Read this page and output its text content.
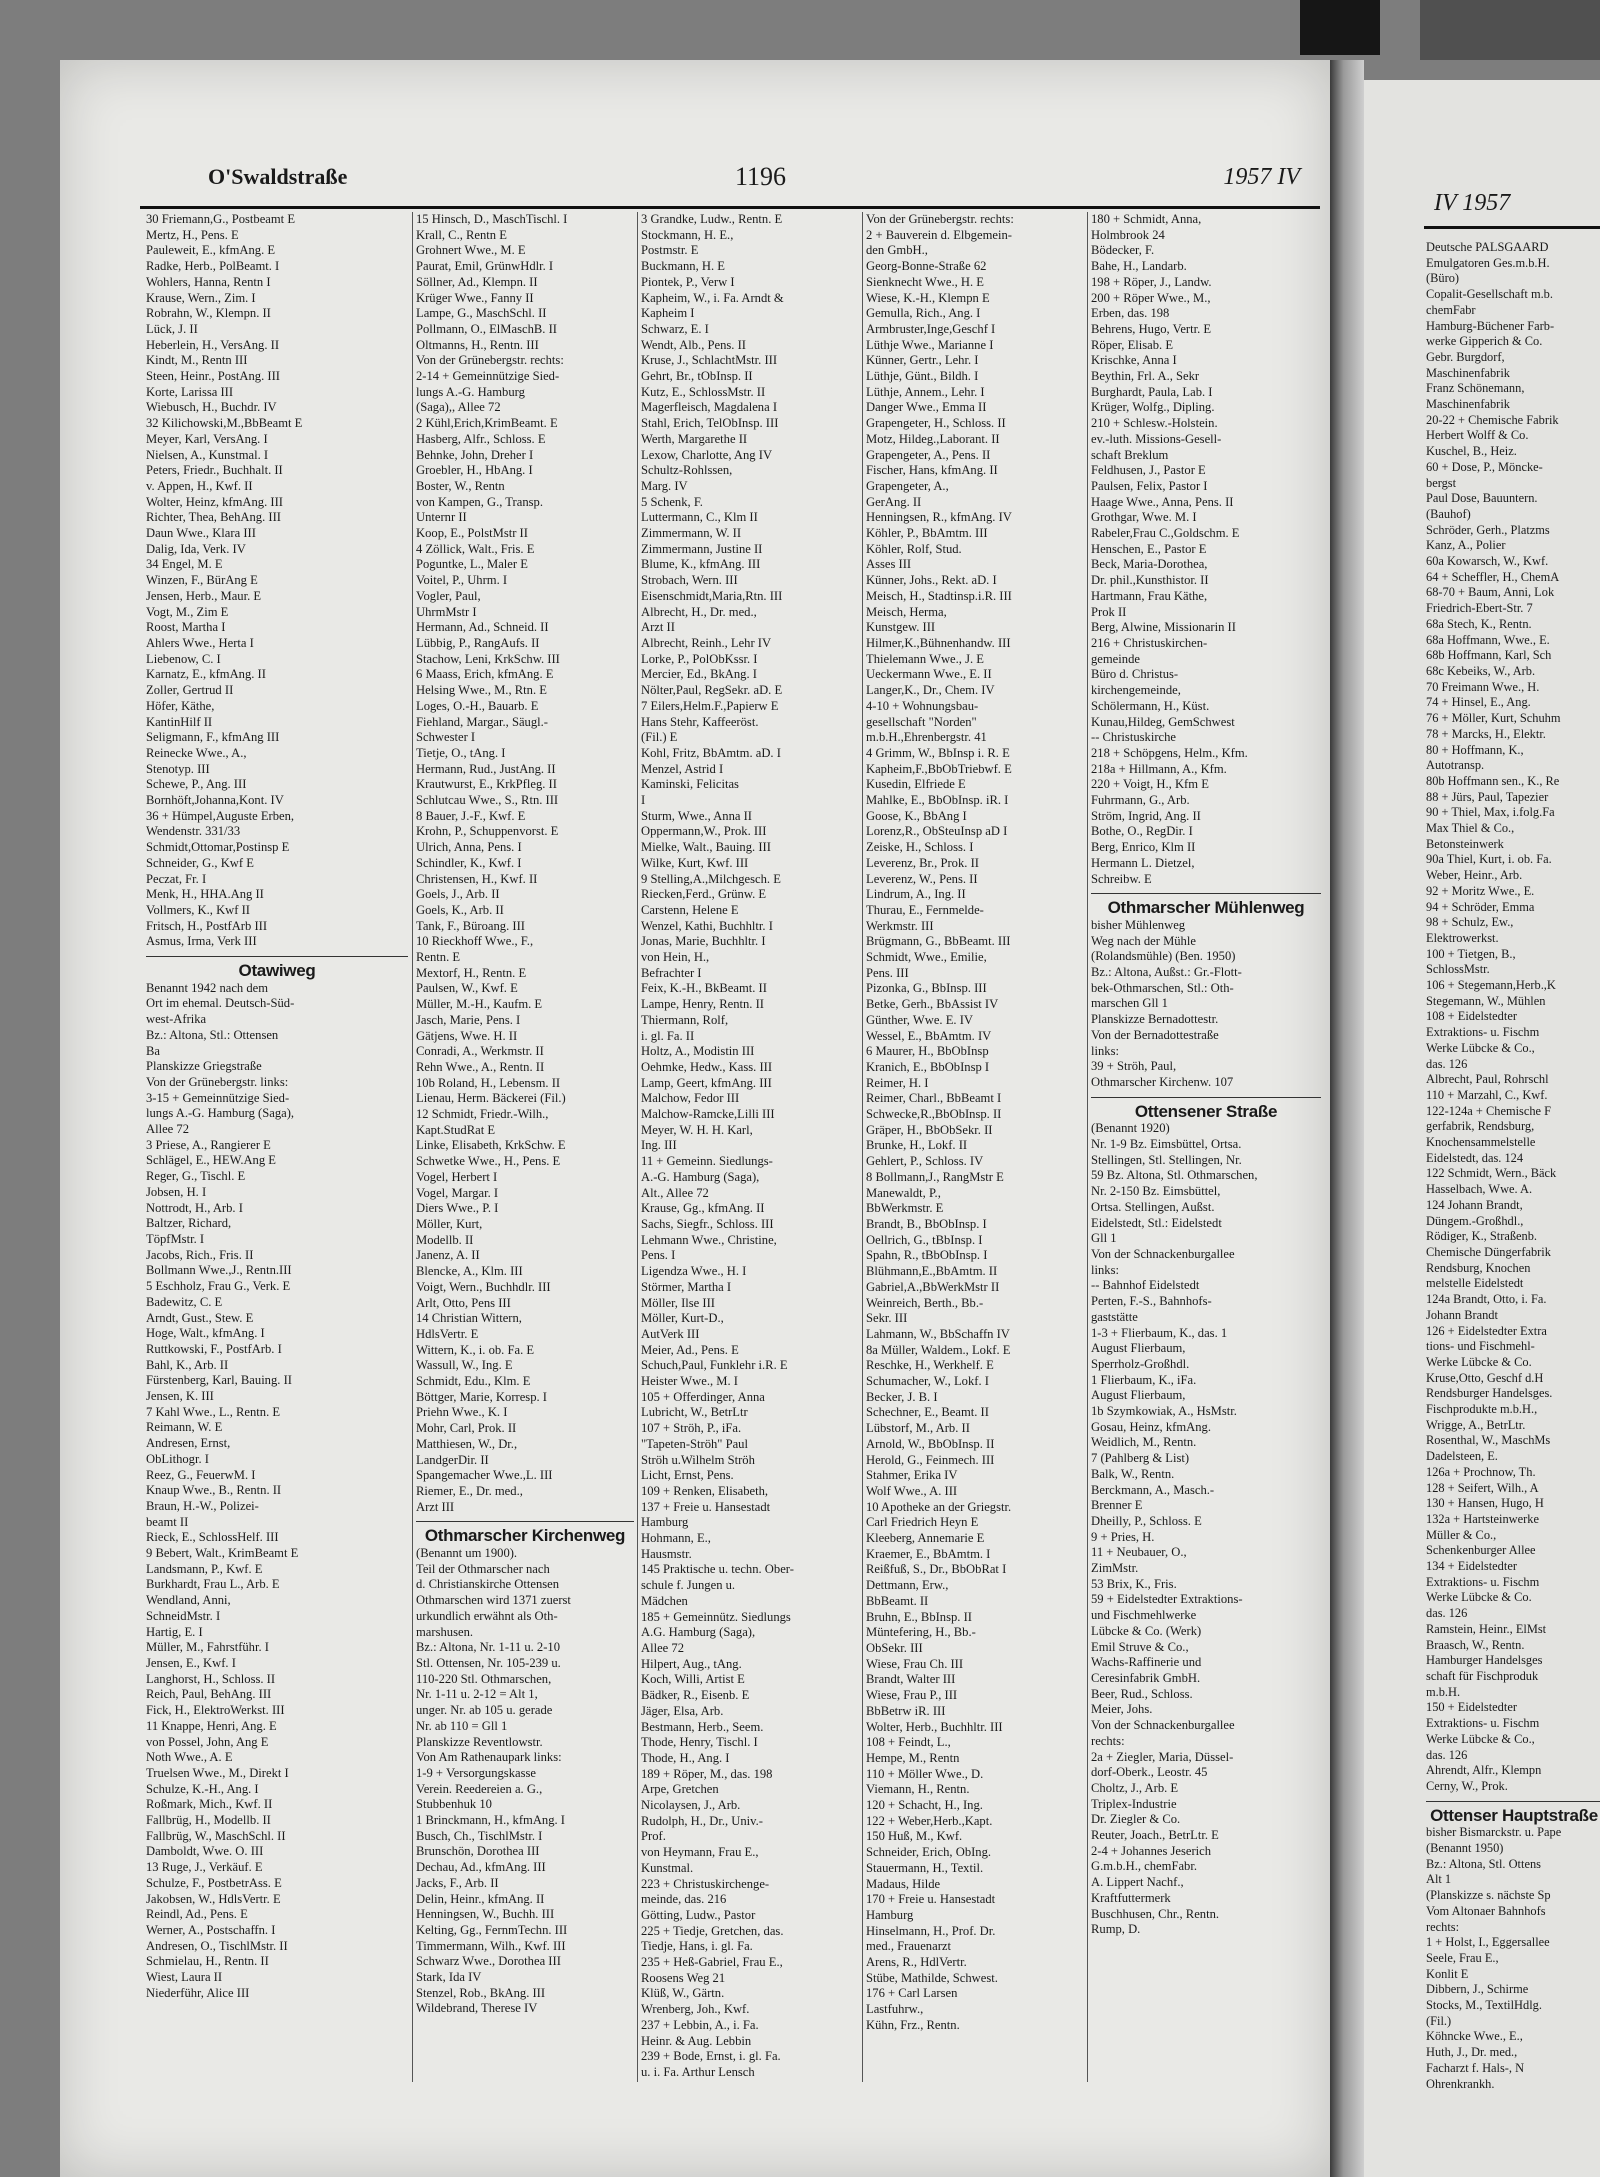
IV 1957
Deutsche PALSGAARD
Emulgatoren Ges.m.b.H.
(Büro)
Copalit-Gesellschaft m.b.
chemFabr
Hamburg-Büchener Farb-
werke Gipperich & Co.
Gebr. Burgdorf,
Maschinenfabrik
Franz Schönemann,
Maschinenfabrik
20-22 + Chemische Fabrik
Herbert Wolff & Co.
Kuschel, B., Heiz.
60 + Dose, P., Möncke-
bergst
Paul Dose, Bauuntern.
(Bauhof)
Schröder, Gerh., Platzms
Kanz, A., Polier
60a Kowarsch, W., Kwf.
64 + Scheffler, H., ChemA
68-70 + Baum, Anni, Lok
Friedrich-Ebert-Str. 7
68a Stech, K., Rentn.
68a Hoffmann, Wwe., E.
68b Hoffmann, Karl, Sch
68c Kebeiks, W., Arb.
70 Freimann Wwe., H.
74 + Hinsel, E., Ang.
76 + Möller, Kurt, Schuhm
78 + Marcks, H., Elektr.
80 + Hoffmann, K.,
Autotransp.
80b Hoffmann sen., K., Re
88 + Jürs, Paul, Tapezier
90 + Thiel, Max, i.folg.Fa
Max Thiel & Co.,
Betonsteinwerk
90a Thiel, Kurt, i. ob. Fa.
Weber, Heinr., Arb.
92 + Moritz Wwe., E.
94 + Schröder, Emma
98 + Schulz, Ew.,
Elektrowerkst.
100 + Tietgen, B.,
SchlossMstr.
106 + Stegemann,Herb.,K
Stegemann, W., Mühlen
108 + Eidelstedter
Extraktions- u. Fischm
Werke Lübcke & Co.,
das. 126
Albrecht, Paul, Rohrschl
110 + Marzahl, C., Kwf.
122-124a + Chemische F
gerfabrik, Rendsburg,
Knochensammelstelle
Eidelstedt, das. 124
122 Schmidt, Wern., Bäck
Hasselbach, Wwe. A.
124 Johann Brandt,
Düngem.-Großhdl.,
Rödiger, K., Straßenb.
Chemische Düngerfabrik
Rendsburg, Knochen
melstelle Eidelstedt
124a Brandt, Otto, i. Fa.
Johann Brandt
126 + Eidelstedter Extra
tions- und Fischmehl-
Werke Lübcke & Co.
Kruse,Otto, Geschf d.H
Rendsburger Handelsges.
Fischprodukte m.b.H.,
Wrigge, A., BetrLtr.
Rosenthal, W., MaschMs
Dadelsteen, E.
126a + Prochnow, Th.
128 + Seifert, Wilh., A
130 + Hansen, Hugo, H
132a + Hartsteinwerke
Müller & Co.,
Schenkenburger Allee
134 + Eidelstedter
Extraktions- u. Fischm
Werke Lübcke & Co.
das. 126
Ramstein, Heinr., ElMst
Braasch, W., Rentn.
Hamburger Handelsges
schaft für Fischproduk
m.b.H.
150 + Eidelstedter
Extraktions- u. Fischm
Werke Lübcke & Co.,
das. 126
Ahrendt, Alfr., Klempn
Cerny, W., Prok.
Ottenser Hauptstraße
bisher Bismarckstr. u. Pape
(Benannt 1950)
Bz.: Altona, Stl. Ottens
Alt 1
(Planskizze s. nächste Sp
Vom Altonaer Bahnhofs
rechts:
1 + Holst, I., Eggersallee
Seele, Frau E.,
Konlit E
Dibbern, J., Schirme
Stocks, M., TextilHdlg.
(Fil.)
Köhncke Wwe., E.,
Huth, J., Dr. med.,
Facharzt f. Hals-, N
Ohrenkrankh.
O'Swaldstraße	1196	1957 IV
30 Friemann,G., Postbeamt E
Mertz, H., Pens. E
Pauleweit, E., kfmAng. E
Radke, Herb., PolBeamt. I
Wohlers, Hanna, Rentn I
Krause, Wern., Zim. I
Robrahn, W., Klempn. II
Lück, J. II
Heberlein, H., VersAng. II
Kindt, M., Rentn III
Steen, Heinr., PostAng. III
Korte, Larissa III
Wiebusch, H., Buchdr. IV
32 Kilichowski,M.,BbBeamt E
Meyer, Karl, VersAng. I
Nielsen, A., Kunstmal. I
Peters, Friedr., Buchhalt. II
v. Appen, H., Kwf. II
Wolter, Heinz, kfmAng. III
Richter, Thea, BehAng. III
Daun Wwe., Klara III
Dalig, Ida, Verk. IV
34 Engel, M. E
Winzen, F., BürAng E
Jensen, Herb., Maur. E
Vogt, M., Zim E
Roost, Martha I
Ahlers Wwe., Herta I
Liebenow, C. I
Karnatz, E., kfmAng. II
Zoller, Gertrud II
Höfer, Käthe,
KantinHilf II
Seligmann, F., kfmAng III
Reinecke Wwe., A.,
Stenotyp. III
Schewe, P., Ang. III
Bornhöft,Johanna,Kont. IV
36 + Hümpel,Auguste Erben,
Wendenstr. 331/33
Schmidt,Ottomar,Postinsp E
Schneider, G., Kwf E
Peczat, Fr. I
Menk, H., HHA.Ang II
Vollmers, K., Kwf II
Fritsch, H., PostfArb III
Asmus, Irma, Verk III
Otawiweg
Benannt 1942 nach dem
Ort im ehemal. Deutsch-Süd-
west-Afrika
Bz.: Altona, Stl.: Ottensen
Ba
Planskizze Griegstraße
Von der Grünebergstr. links:
3-15 + Gemeinnützige Sied-
lungs A.-G. Hamburg (Saga),
Allee 72
3 Priese, A., Rangierer E
Schlägel, E., HEW.Ang E
Reger, G., Tischl. E
Jobsen, H. I
Nottrodt, H., Arb. I
Baltzer, Richard,
TöpfMstr. I
Jacobs, Rich., Fris. II
Bollmann Wwe.,J., Rentn.III
5 Eschholz, Frau G., Verk. E
Badewitz, C. E
Arndt, Gust., Stew. E
Hoge, Walt., kfmAng. I
Ruttkowski, F., PostfArb. I
Bahl, K., Arb. II
Fürstenberg, Karl, Bauing. II
Jensen, K. III
7 Kahl Wwe., L., Rentn. E
Reimann, W. E
Andresen, Ernst,
ObLithogr. I
Reez, G., FeuerwM. I
Knaup Wwe., B., Rentn. II
Braun, H.-W., Polizei-
beamt II
Rieck, E., SchlossHelf. III
9 Bebert, Walt., KrimBeamt E
Landsmann, P., Kwf. E
Burkhardt, Frau L., Arb. E
Wendland, Anni,
SchneidMstr. I
Hartig, E. I
Müller, M., Fahrstführ. I
Jensen, E., Kwf. I
Langhorst, H., Schloss. II
Reich, Paul, BehAng. III
Fick, H., ElektroWerkst. III
11 Knappe, Henri, Ang. E
von Possel, John, Ang E
Noth Wwe., A. E
Truelsen Wwe., M., Direkt I
Schulze, K.-H., Ang. I
Roßmark, Mich., Kwf. II
Fallbrüg, H., Modellb. II
Fallbrüg, W., MaschSchl. II
Damboldt, Wwe. O. III
13 Ruge, J., Verkäuf. E
Schulze, F., PostbetrAss. E
Jakobsen, W., HdlsVertr. E
Reindl, Ad., Pens. E
Werner, A., Postschaffn. I
Andresen, O., TischlMstr. II
Schmielau, H., Rentn. II
Wiest, Laura II
Niederführ, Alice III
15 Hinsch, D., MaschTischl. I
Krall, C., Rentn E
Grohnert Wwe., M. E
Paurat, Emil, GrünwHdlr. I
Söllner, Ad., Klempn. II
Krüger Wwe., Fanny II
Lampe, G., MaschSchl. II
Pollmann, O., ElMaschB. II
Oltmanns, H., Rentn. III
Von der Grünebergstr. rechts:
2-14 + Gemeinnützige Sied-
lungs A.-G. Hamburg
(Saga),, Allee 72
2 Kühl,Erich,KrimBeamt. E
Hasberg, Alfr., Schloss. E
Behnke, John, Dreher I
Groebler, H., HbAng. I
Boster, W., Rentn
von Kampen, G., Transp.
Unternr II
Koop, E., PolstMstr II
4 Zöllick, Walt., Fris. E
Poguntke, L., Maler E
Voitel, P., Uhrm. I
Vogler, Paul,
UhrmMstr I
Hermann, Ad., Schneid. II
Lübbig, P., RangAufs. II
Stachow, Leni, KrkSchw. III
6 Maass, Erich, kfmAng. E
Helsing Wwe., M., Rtn. E
Loges, O.-H., Bauarb. E
Fiehland, Margar., Säugl.-
Schwester I
Tietje, O., tAng. I
Hermann, Rud., JustAng. II
Krautwurst, E., KrkPfleg. II
Schlutcau Wwe., S., Rtn. III
8 Bauer, J.-F., Kwf. E
Krohn, P., Schuppenvorst. E
Ulrich, Anna, Pens. I
Schindler, K., Kwf. I
Christensen, H., Kwf. II
Goels, J., Arb. II
Goels, K., Arb. II
Tank, F., Büroang. III
10 Rieckhoff Wwe., F.,
Rentn. E
Mextorf, H., Rentn. E
Paulsen, W., Kwf. E
Müller, M.-H., Kaufm. E
Jasch, Marie, Pens. I
Gätjens, Wwe. H. II
Conradi, A., Werkmstr. II
Rehn Wwe., A., Rentn. II
10b Roland, H., Lebensm. II
Lienau, Herm. Bäckerei (Fil.)
12 Schmidt, Friedr.-Wilh.,
Kapt.StudRat E
Linke, Elisabeth, KrkSchw. E
Schwetke Wwe., H., Pens. E
Vogel, Herbert I
Vogel, Margar. I
Diers Wwe., P. I
Möller, Kurt,
Modellb. II
Janenz, A. II
Blencke, A., Klm. III
Voigt, Wern., Buchhdlr. III
Arlt, Otto, Pens III
14 Christian Wittern,
HdlsVertr. E
Wittern, K., i. ob. Fa. E
Wassull, W., Ing. E
Schmidt, Edu., Klm. E
Böttger, Marie, Korresp. I
Priehn Wwe., K. I
Mohr, Carl, Prok. II
Matthiesen, W., Dr.,
LandgerDir. II
Spangemacher Wwe.,L. III
Riemer, E., Dr. med.,
Arzt III
Othmarscher Kirchenweg
(Benannt um 1900).
Teil der Othmarscher nach
d. Christianskirche Ottensen
Othmarschen wird 1371 zuerst
urkundlich erwähnt als Oth-
marshusen.
Bz.: Altona, Nr. 1-11 u. 2-10
Stl. Ottensen, Nr. 105-239 u.
110-220 Stl. Othmarschen,
Nr. 1-11 u. 2-12 = Alt 1,
unger. Nr. ab 105 u. gerade
Nr. ab 110 = Gll 1
Planskizze Reventlowstr.
Von Am Rathenaupark links:
1-9 + Versorgungskasse
Verein. Reedereien a. G.,
Stubbenhuk 10
1 Brinckmann, H., kfmAng. I
Busch, Ch., TischlMstr. I
Brunschön, Dorothea III
Dechau, Ad., kfmAng. III
Jacks, F., Arb. II
Delin, Heinr., kfmAng. II
Henningsen, W., Buchh. III
Kelting, Gg., FernmTechn. III
Timmermann, Wilh., Kwf. III
Schwarz Wwe., Dorothea III
Stark, Ida IV
Stenzel, Rob., BkAng. III
Wildebrand, Therese IV
3 Grandke, Ludw., Rentn. E
Stockmann, H. E.,
Postmstr. E
Buckmann, H. E
Piontek, P., Verw I
Kapheim, W., i. Fa. Arndt &
Kapheim I
Schwarz, E. I
Wendt, Alb., Pens. II
Kruse, J., SchlachtMstr. III
Gehrt, Br., tObInsp. II
Kutz, E., SchlossMstr. II
Magerfleisch, Magdalena I
Stahl, Erich, TelObInsp. III
Werth, Margarethe II
Lexow, Charlotte, Ang IV
Schultz-Rohlssen,
Marg. IV
5 Schenk, F.
Luttermann, C., Klm II
Zimmermann, W. II
Zimmermann, Justine II
Blume, K., kfmAng. III
Strobach, Wern. III
Eisenschmidt,Maria,Rtn. III
Albrecht, H., Dr. med.,
Arzt II
Albrecht, Reinh., Lehr IV
Lorke, P., PolObKssr. I
Mercier, Ed., BkAng. I
Nölter,Paul, RegSekr. aD. E
7 Eilers,Helm.F.,Papierw E
Hans Stehr, Kaffeeröst.
(Fil.) E
Kohl, Fritz, BbAmtm. aD. I
Menzel, Astrid I
Kaminski, Felicitas
I
Sturm, Wwe., Anna II
Oppermann,W., Prok. III
Mielke, Walt., Bauing. III
Wilke, Kurt, Kwf. III
9 Stelling,A.,Milchgesch. E
Riecken,Ferd., Grünw. E
Carstenn, Helene E
Wenzel, Kathi, Buchhltr. I
Jonas, Marie, Buchhltr. I
von Hein, H.,
Befrachter I
Feix, K.-H., BkBeamt. II
Lampe, Henry, Rentn. II
Thiermann, Rolf,
i. gl. Fa. II
Holtz, A., Modistin III
Oehmke, Hedw., Kass. III
Lamp, Geert, kfmAng. III
Malchow, Fedor III
Malchow-Ramcke,Lilli III
Meyer, W. H. H. Karl,
Ing. III
11 + Gemeinn. Siedlungs-
A.-G. Hamburg (Saga),
Alt., Allee 72
Krause, Gg., kfmAng. II
Sachs, Siegfr., Schloss. III
Lehmann Wwe., Christine,
Pens. I
Ligendza Wwe., H. I
Störmer, Martha I
Möller, Ilse III
Möller, Kurt-D.,
AutVerk III
Meier, Ad., Pens. E
Schuch,Paul, Funklehr i.R. E
Heister Wwe., M. I
105 + Offerdinger, Anna
Lubricht, W., BetrLtr
107 + Ströh, P., iFa.
"Tapeten-Ströh" Paul
Ströh u.Wilhelm Ströh
Licht, Ernst, Pens.
109 + Renken, Elisabeth,
137 + Freie u. Hansestadt
Hamburg
Hohmann, E.,
Hausmstr.
145 Praktische u. techn. Ober-
schule f. Jungen u.
Mädchen
185 + Gemeinnütz. Siedlungs
A.G. Hamburg (Saga),
Allee 72
Hilpert, Aug., tAng.
Koch, Willi, Artist E
Bädker, R., Eisenb. E
Jäger, Elsa, Arb.
Bestmann, Herb., Seem.
Thode, Henry, Tischl. I
Thode, H., Ang. I
189 + Röper, M., das. 198
Arpe, Gretchen
Nicolaysen, J., Arb.
Rudolph, H., Dr., Univ.-
Prof.
von Heymann, Frau E.,
Kunstmal.
223 + Christuskirchenge-
meinde, das. 216
Götting, Ludw., Pastor
225 + Tiedje, Gretchen, das.
Tiedje, Hans, i. gl. Fa.
235 + Heß-Gabriel, Frau E.,
Roosens Weg 21
Klüß, W., Gärtn.
Wrenberg, Joh., Kwf.
237 + Lebbin, A., i. Fa.
Heinr. & Aug. Lebbin
239 + Bode, Ernst, i. gl. Fa.
u. i. Fa. Arthur Lensch
Von der Grünebergstr. rechts:
2 + Bauverein d. Elbgemein-
den GmbH.,
Georg-Bonne-Straße 62
Sienknecht Wwe., H. E
Wiese, K.-H., Klempn E
Gemulla, Rich., Ang. I
Armbruster,Inge,Geschf I
Lüthje Wwe., Marianne I
Künner, Gertr., Lehr. I
Lüthje, Günt., Bildh. I
Lüthje, Annem., Lehr. I
Danger Wwe., Emma II
Grapengeter, H., Schloss. II
Motz, Hildeg.,Laborant. II
Grapengeter, A., Pens. II
Fischer, Hans, kfmAng. II
Grapengeter, A.,
GerAng. II
Henningsen, R., kfmAng. IV
Köhler, P., BbAmtm. III
Köhler, Rolf, Stud.
Asses III
Künner, Johs., Rekt. aD. I
Meisch, H., Stadtinsp.i.R. III
Meisch, Herma,
Kunstgew. III
Hilmer,K.,Bühnenhandw. III
Thielemann Wwe., J. E
Ueckermann Wwe., E. II
Langer,K., Dr., Chem. IV
4-10 + Wohnungsbau-
gesellschaft "Norden"
m.b.H.,Ehrenbergstr. 41
4 Grimm, W., BbInsp i. R. E
Kapheim,F.,BbObTriebwf. E
Kusedin, Elfriede E
Mahlke, E., BbObInsp. iR. I
Goose, K., BbAng I
Lorenz,R., ObSteuInsp aD I
Zeiske, H., Schloss. I
Leverenz, Br., Prok. II
Leverenz, W., Pens. II
Lindrum, A., Ing. II
Thurau, E., Fernmelde-
Werkmstr. III
Brügmann, G., BbBeamt. III
Schmidt, Wwe., Emilie,
Pens. III
Pizonka, G., BbInsp. III
Betke, Gerh., BbAssist IV
Günther, Wwe. E. IV
Wessel, E., BbAmtm. IV
6 Maurer, H., BbObInsp
Kranich, E., BbObInsp I
Reimer, H. I
Reimer, Charl., BbBeamt I
Schwecke,R.,BbObInsp. II
Gräper, H., BbObSekr. II
Brunke, H., Lokf. II
Gehlert, P., Schloss. IV
8 Bollmann,J., RangMstr E
Manewaldt, P.,
BbWerkmstr. E
Brandt, B., BbObInsp. I
Oellrich, G., tBbInsp. I
Spahn, R., tBbObInsp. I
Blühmann,E.,BbAmtm. II
Gabriel,A.,BbWerkMstr II
Weinreich, Berth., Bb.-
Sekr. III
Lahmann, W., BbSchaffn IV
8a Müller, Waldem., Lokf. E
Reschke, H., Werkhelf. E
Schumacher, W., Lokf. I
Becker, J. B. I
Schechner, E., Beamt. II
Lübstorf, M., Arb. II
Arnold, W., BbObInsp. II
Herold, G., Feinmech. III
Stahmer, Erika IV
Wolf Wwe., A. III
10 Apotheke an der Griegstr.
Carl Friedrich Heyn E
Kleeberg, Annemarie E
Kraemer, E., BbAmtm. I
Reißfuß, S., Dr., BbObRat I
Dettmann, Erw.,
BbBeamt. II
Bruhn, E., BbInsp. II
Müntefering, H., Bb.-
ObSekr. III
Wiese, Frau Ch. III
Brandt, Walter III
Wiese, Frau P., III
BbBetrw iR. III
Wolter, Herb., Buchhltr. III
108 + Feindt, L.,
Hempe, M., Rentn
110 + Möller Wwe., D.
Viemann, H., Rentn.
120 + Schacht, H., Ing.
122 + Weber,Herb.,Kapt.
150 Huß, M., Kwf.
Schneider, Erich, ObIng.
Stauermann, H., Textil.
Madaus, Hilde
170 + Freie u. Hansestadt
Hamburg
Hinselmann, H., Prof. Dr.
med., Frauenarzt
Arens, R., HdlVertr.
Stübe, Mathilde, Schwest.
176 + Carl Larsen
Lastfuhrw.,
Kühn, Frz., Rentn.
180 + Schmidt, Anna,
Holmbrook 24
Bödecker, F.
Bahe, H., Landarb.
198 + Röper, J., Landw.
200 + Röper Wwe., M.,
Erben, das. 198
Behrens, Hugo, Vertr. E
Röper, Elisab. E
Krischke, Anna I
Beythin, Frl. A., Sekr
Burghardt, Paula, Lab. I
Krüger, Wolfg., Dipling.
210 + Schlesw.-Holstein.
ev.-luth. Missions-Gesell-
schaft Breklum
Feldhusen, J., Pastor E
Paulsen, Felix, Pastor I
Haage Wwe., Anna, Pens. II
Grothgar, Wwe. M. I
Rabeler,Frau C.,Goldschm. E
Henschen, E., Pastor E
Beck, Maria-Dorothea,
Dr. phil.,Kunsthistor. II
Hartmann, Frau Käthe,
Prok II
Berg, Alwine, Missionarin II
216 + Christuskirchen-
gemeinde
Büro d. Christus-
kirchengemeinde,
Schölermann, H., Küst.
Kunau,Hildeg, GemSchwest
-- Christuskirche
218 + Schöpgens, Helm., Kfm.
218a + Hillmann, A., Kfm.
220 + Voigt, H., Kfm E
Fuhrmann, G., Arb.
Ström, Ingrid, Ang. II
Bothe, O., RegDir. I
Berg, Enrico, Klm II
Hermann L. Dietzel,
Schreibw. E
Othmarscher Mühlenweg
bisher Mühlenweg
Weg nach der Mühle
(Rolandsmühle) (Ben. 1950)
Bz.: Altona, Außst.: Gr.-Flott-
bek-Othmarschen, Stl.: Oth-
marschen Gll 1
Planskizze Bernadottestr.
Von der Bernadottestraße
links:
39 + Ströh, Paul,
Othmarscher Kirchenw. 107
Ottensener Straße
(Benannt 1920)
Nr. 1-9 Bz. Eimsbüttel, Ortsa.
Stellingen, Stl. Stellingen, Nr.
59 Bz. Altona, Stl. Othmarschen,
Nr. 2-150 Bz. Eimsbüttel,
Ortsa. Stellingen, Außst.
Eidelstedt, Stl.: Eidelstedt
Gll 1
Von der Schnackenburgallee
links:
-- Bahnhof Eidelstedt
Perten, F.-S., Bahnhofs-
gaststätte
1-3 + Flierbaum, K., das. 1
August Flierbaum,
Sperrholz-Großhdl.
1 Flierbaum, K., iFa.
August Flierbaum,
1b Szymkowiak, A., HsMstr.
Gosau, Heinz, kfmAng.
Weidlich, M., Rentn.
7 (Pahlberg & List)
Balk, W., Rentn.
Berckmann, A., Masch.-
Brenner E
Dheilly, P., Schloss. E
9 + Pries, H.
11 + Neubauer, O.,
ZimMstr.
53 Brix, K., Fris.
59 + Eidelstedter Extraktions-
und Fischmehlwerke
Lübcke & Co. (Werk)
Emil Struve & Co.,
Wachs-Raffinerie und
Ceresinfabrik GmbH.
Beer, Rud., Schloss.
Meier, Johs.
Von der Schnackenburgallee
rechts:
2a + Ziegler, Maria, Düssel-
dorf-Oberk., Leostr. 45
Choltz, J., Arb. E
Triplex-Industrie
Dr. Ziegler & Co.
Reuter, Joach., BetrLtr. E
2-4 + Johannes Jeserich
G.m.b.H., chemFabr.
A. Lippert Nachf.,
Kraftfuttermerk
Buschhusen, Chr., Rentn.
Rump, D.
